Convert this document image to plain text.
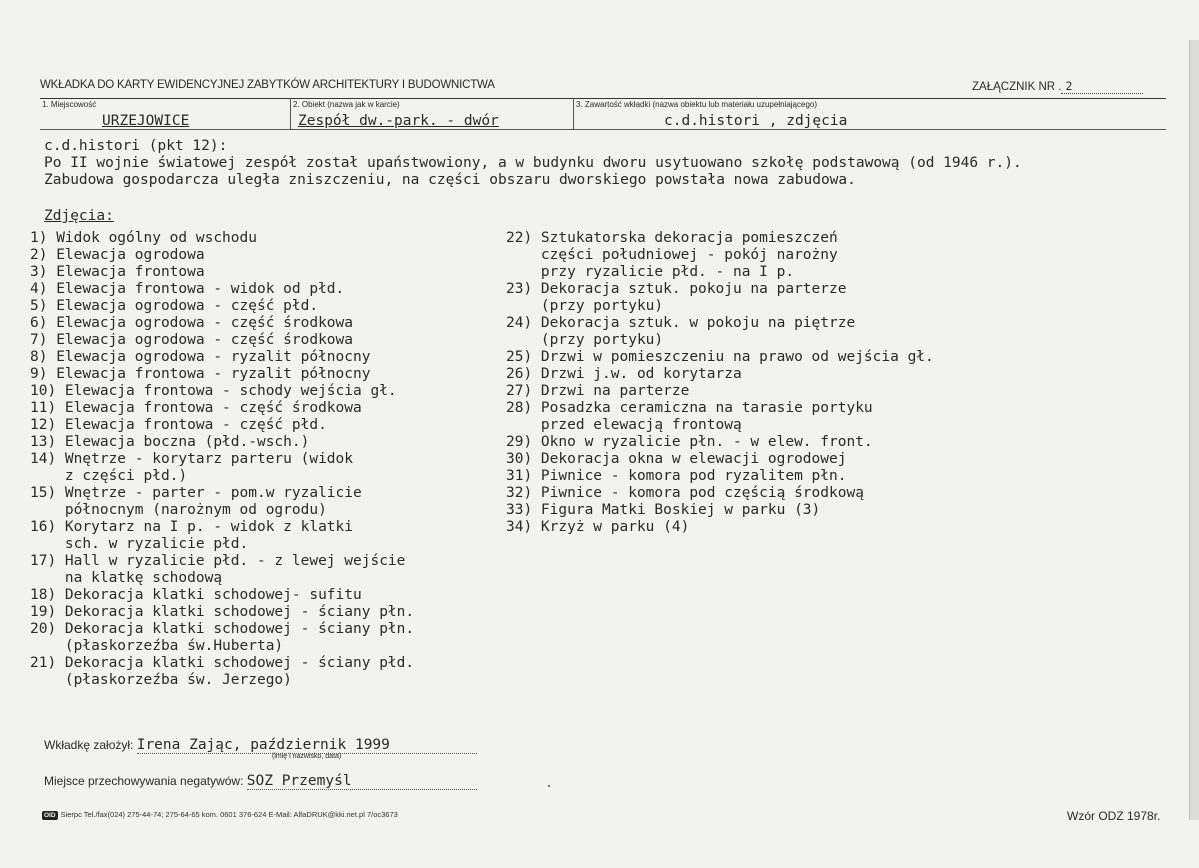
WKŁADKA DO KARTY EWIDENCYJNEJ ZABYTKÓW ARCHITEKTURY I BUDOWNICTWA	ZAŁĄCZNIK NR . 2
1. Miejscowość
URZEJOWICE
2. Obiekt (nazwa jak w karcie)
Zespół dw.-park. - dwór
3. Zawartość wkładki (nazwa obiektu lub materiału uzupełniającego)
c.d.histori , zdjęcia
c.d.histori (pkt 12):
Po II wojnie światowej zespół został upaństwowiony, a w budynku dworu usytuowano szkołę podstawową (od 1946 r.).
Zabudowa gospodarcza uległa zniszczeniu, na części obszaru dworskiego powstała nowa zabudowa.
Zdjęcia:
1) Widok ogólny od wschodu
2) Elewacja ogrodowa
3) Elewacja frontowa
4) Elewacja frontowa - widok od płd.
5) Elewacja ogrodowa - część płd.
6) Elewacja ogrodowa - część środkowa
7) Elewacja ogrodowa - część środkowa
8) Elewacja ogrodowa - ryzalit północny
9) Elewacja frontowa - ryzalit północny
10) Elewacja frontowa - schody wejścia gł.
11) Elewacja frontowa - część środkowa
12) Elewacja frontowa - część płd.
13) Elewacja boczna (płd.-wsch.)
14) Wnętrze - korytarz parteru (widok
z części płd.)
15) Wnętrze - parter - pom.w ryzalicie
północnym (narożnym od ogrodu)
16) Korytarz na I p. - widok z klatki
sch. w ryzalicie płd.
17) Hall w ryzalicie płd. - z lewej wejście
na klatkę schodową
18) Dekoracja klatki schodowej- sufitu
19) Dekoracja klatki schodowej - ściany płn.
20) Dekoracja klatki schodowej - ściany płn.
(płaskorzeźba św.Huberta)
21) Dekoracja klatki schodowej - ściany płd.
(płaskorzeźba św. Jerzego)
22) Sztukatorska dekoracja pomieszczeń
części południowej - pokój narożny
przy ryzalicie płd. - na I p.
23) Dekoracja sztuk. pokoju na parterze
(przy portyku)
24) Dekoracja sztuk. w pokoju na piętrze
(przy portyku)
25) Drzwi w pomieszczeniu na prawo od wejścia gł.
26) Drzwi j.w. od korytarza
27) Drzwi na parterze
28) Posadzka ceramiczna na tarasie portyku
przed elewacją frontową
29) Okno w ryzalicie płn. - w elew. front.
30) Dekoracja okna w elewacji ogrodowej
31) Piwnice - komora pod ryzalitem płn.
32) Piwnice - komora pod częścią środkową
33) Figura Matki Boskiej w parku (3)
34) Krzyż w parku (4)
Wkładkę założył: Irena Zając, październik 1999
(imię i nazwisko, data)
Miejsce przechowywania negatywów: SOZ Przemyśl
OID Sierpc Tel./fax(024) 275-44-74; 275-64-65 kom. 0601 376-624 E-Mail: AlfaDRUK@kki.net.pl 7/oc3673	Wzór ODZ 1978r.
